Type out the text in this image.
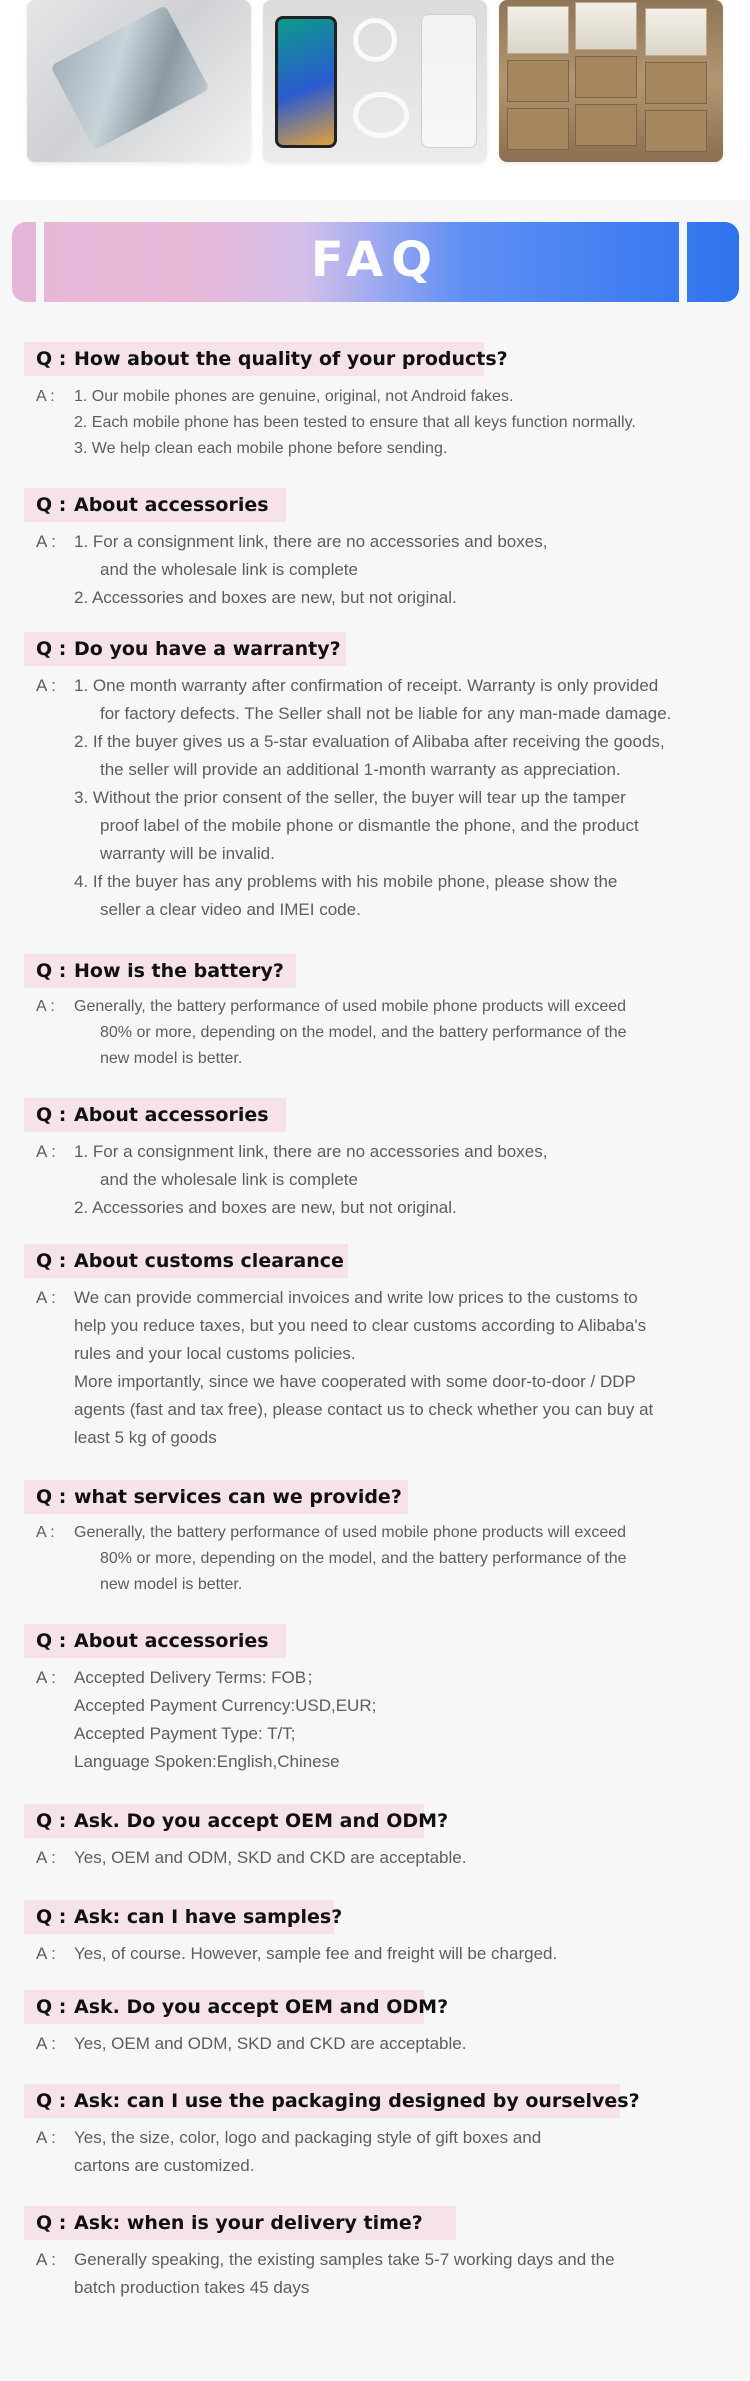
FAQ
Q : How about the quality of your products?
A : 1. Our mobile phones are genuine, original, not Android fakes.
2. Each mobile phone has been tested to ensure that all keys function normally.
3. We help clean each mobile phone before sending.
Q : About accessories
A : 1. For a consignment link, there are no accessories and boxes,
and the wholesale link is complete
2. Accessories and boxes are new, but not original.
Q : Do you have a warranty?
A : 1. One month warranty after confirmation of receipt. Warranty is only provided
for factory defects. The Seller shall not be liable for any man-made damage.
2. If the buyer gives us a 5-star evaluation of Alibaba after receiving the goods,
the seller will provide an additional 1-month warranty as appreciation.
3. Without the prior consent of the seller, the buyer will tear up the tamper
proof label of the mobile phone or dismantle the phone, and the product
warranty will be invalid.
4. If the buyer has any problems with his mobile phone, please show the
seller a clear video and IMEI code.
Q : How is the battery?
A : Generally, the battery performance of used mobile phone products will exceed
80% or more, depending on the model, and the battery performance of the
new model is better.
Q : About accessories
A : 1. For a consignment link, there are no accessories and boxes,
and the wholesale link is complete
2. Accessories and boxes are new, but not original.
Q : About customs clearance
A : We can provide commercial invoices and write low prices to the customs to
help you reduce taxes, but you need to clear customs according to Alibaba's
rules and your local customs policies.
More importantly, since we have cooperated with some door-to-door / DDP
agents (fast and tax free), please contact us to check whether you can buy at
least 5 kg of goods
Q : what services can we provide?
A : Generally, the battery performance of used mobile phone products will exceed
80% or more, depending on the model, and the battery performance of the
new model is better.
Q : About accessories
A : Accepted Delivery Terms: FOB；
Accepted Payment Currency:USD,EUR;
Accepted Payment Type: T/T;
Language Spoken:English,Chinese
Q : Ask. Do you accept OEM and ODM?
A : Yes, OEM and ODM, SKD and CKD are acceptable.
Q : Ask: can I have samples?
A : Yes, of course. However, sample fee and freight will be charged.
Q : Ask. Do you accept OEM and ODM?
A : Yes, OEM and ODM, SKD and CKD are acceptable.
Q : Ask: can I use the packaging designed by ourselves?
A : Yes, the size, color, logo and packaging style of gift boxes and
cartons are customized.
Q : Ask: when is your delivery time?
A : Generally speaking, the existing samples take 5-7 working days and the
batch production takes 45 days
